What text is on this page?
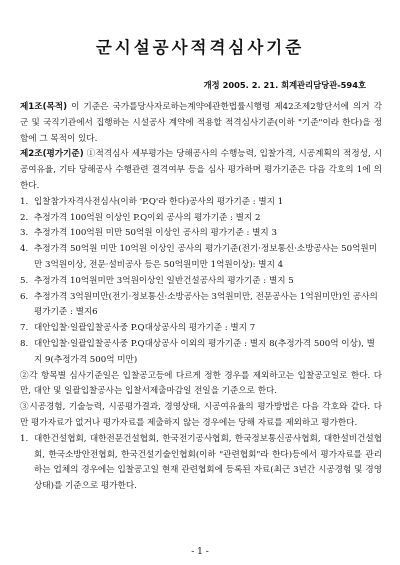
군시설공사적격심사기준
개정 2005. 2. 21. 회계관리담당관-594호
제1조(목적) 이 기준은 국가를당사자로하는계약에관한법률시행령 제42조제2항단서에 의거 각군 및 국직기관에서 집행하는 시설공사 계약에 적용할 적격심사기준(이하 "기준"이라 한다)을 정함에 그 목적이 있다.
제2조(평가기준) ①적격심사 세부평가는 당해공사의 수행능력, 입찰가격, 시공계획의 적정성, 시공여유율, 기타 당해공사 수행관련 결격여부 등을 심사 평가하며 평가기준은 다음 각호의 1에 의한다.
1. 입찰참가자격사전심사(이하 'P.Q'라 한다)공사의 평가기준 : 별지 1
2. 추정가격 100억원 이상인 P.Q이외 공사의 평가기준 : 별지 2
3. 추정가격 100억원 미만 50억원 이상인 공사의 평가기준 : 별지 3
4. 추정가격 50억원 미만 10억원 이상인 공사의 평가기준(전기·정보통신·소방공사는 50억원미만 3억원이상, 전문·설비공사 등은 50억원미만 1억원이상): 별지 4
5. 추정가격 10억원미만 3억원이상인 일반건설공사의 평가기준 : 별지 5
6. 추정가격 3억원미만(전기·정보통신·소방공사는 3억원미만, 전문공사는 1억원미만)인 공사의 평가기준 : 별지6
7. 대안입찰·일괄입찰공사중 P.Q대상공사의 평가기준 : 별지 7
8. 대안입찰·일괄입찰공사중 P.Q대상공사 이외의 평가기준 : 별지 8(추정가격 500억 이상), 별지 9(추정가격 500억 미만)
②각 항목별 심사기준일은 입찰공고등에 다르게 정한 경우를 제외하고는 입찰공고일로 한다. 다만, 대안 및 일괄입찰공사는 입찰서제출마감일 전일을 기준으로 한다.
③시공경험, 기술능력, 시공평가결과, 경영상태, 시공여유율의 평가방법은 다음 각호와 같다. 다만 평가자료가 없거나 평가자료를 제출하지 않는 경우에는 당해 자료를 제외하고 평가한다.
1. 대한건설협회, 대한전문건설협회, 한국전기공사협회, 한국정보통신공사협회, 대한설비건설협회, 한국소방안전협회, 한국건설기술인협회(이하 "관련협회"라 한다)등에서 평가자료를 관리하는 업체의 경우에는 입찰공고일 현재 관련협회에 등록된 자료(최근 3년간 시공경험 및 경영상태)를 기준으로 평가한다.
- 1 -
